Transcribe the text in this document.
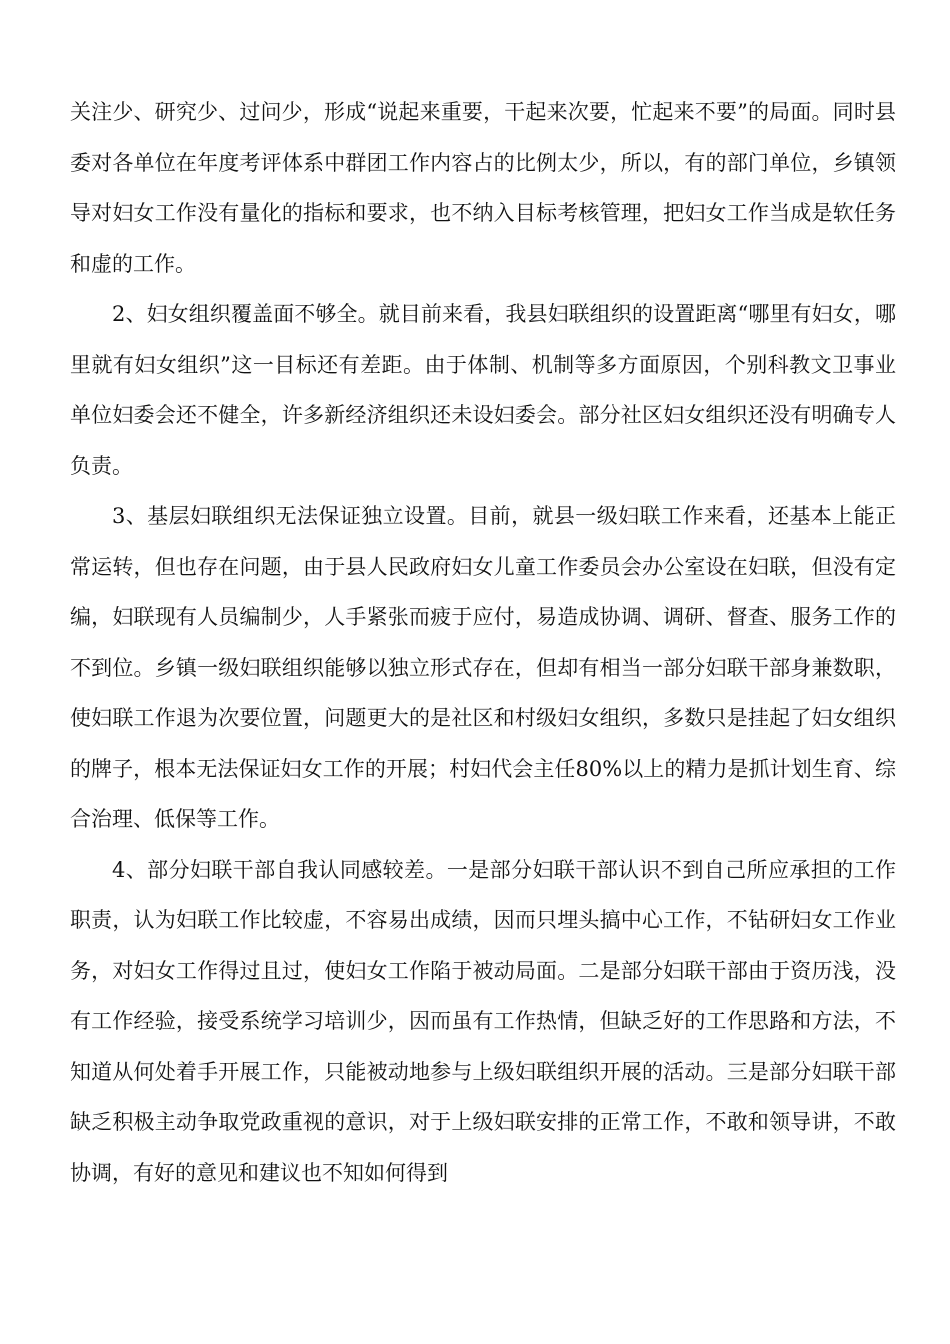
关注少、研究少、过问少，形成“说起来重要，干起来次要，忙起来不要”的局面。同时县委对各单位在年度考评体系中群团工作内容占的比例太少，所以，有的部门单位，乡镇领导对妇女工作没有量化的指标和要求，也不纳入目标考核管理，把妇女工作当成是软任务和虚的工作。

2、妇女组织覆盖面不够全。就目前来看，我县妇联组织的设置距离“哪里有妇女，哪里就有妇女组织”这一目标还有差距。由于体制、机制等多方面原因，个别科教文卫事业单位妇委会还不健全，许多新经济组织还未设妇委会。部分社区妇女组织还没有明确专人负责。

3、基层妇联组织无法保证独立设置。目前，就县一级妇联工作来看，还基本上能正常运转，但也存在问题，由于县人民政府妇女儿童工作委员会办公室设在妇联，但没有定编，妇联现有人员编制少，人手紧张而疲于应付，易造成协调、调研、督查、服务工作的不到位。乡镇一级妇联组织能够以独立形式存在，但却有相当一部分妇联干部身兼数职，使妇联工作退为次要位置，问题更大的是社区和村级妇女组织，多数只是挂起了妇女组织的牌子，根本无法保证妇女工作的开展；村妇代会主任80%以上的精力是抓计划生育、综合治理、低保等工作。

4、部分妇联干部自我认同感较差。一是部分妇联干部认识不到自己所应承担的工作职责，认为妇联工作比较虚，不容易出成绩，因而只埋头搞中心工作，不钻研妇女工作业务，对妇女工作得过且过，使妇女工作陷于被动局面。二是部分妇联干部由于资历浅，没有工作经验，接受系统学习培训少，因而虽有工作热情，但缺乏好的工作思路和方法，不知道从何处着手开展工作，只能被动地参与上级妇联组织开展的活动。三是部分妇联干部缺乏积极主动争取党政重视的意识，对于上级妇联安排的正常工作，不敢和领导讲，不敢协调，有好的意见和建议也不知如何得到
